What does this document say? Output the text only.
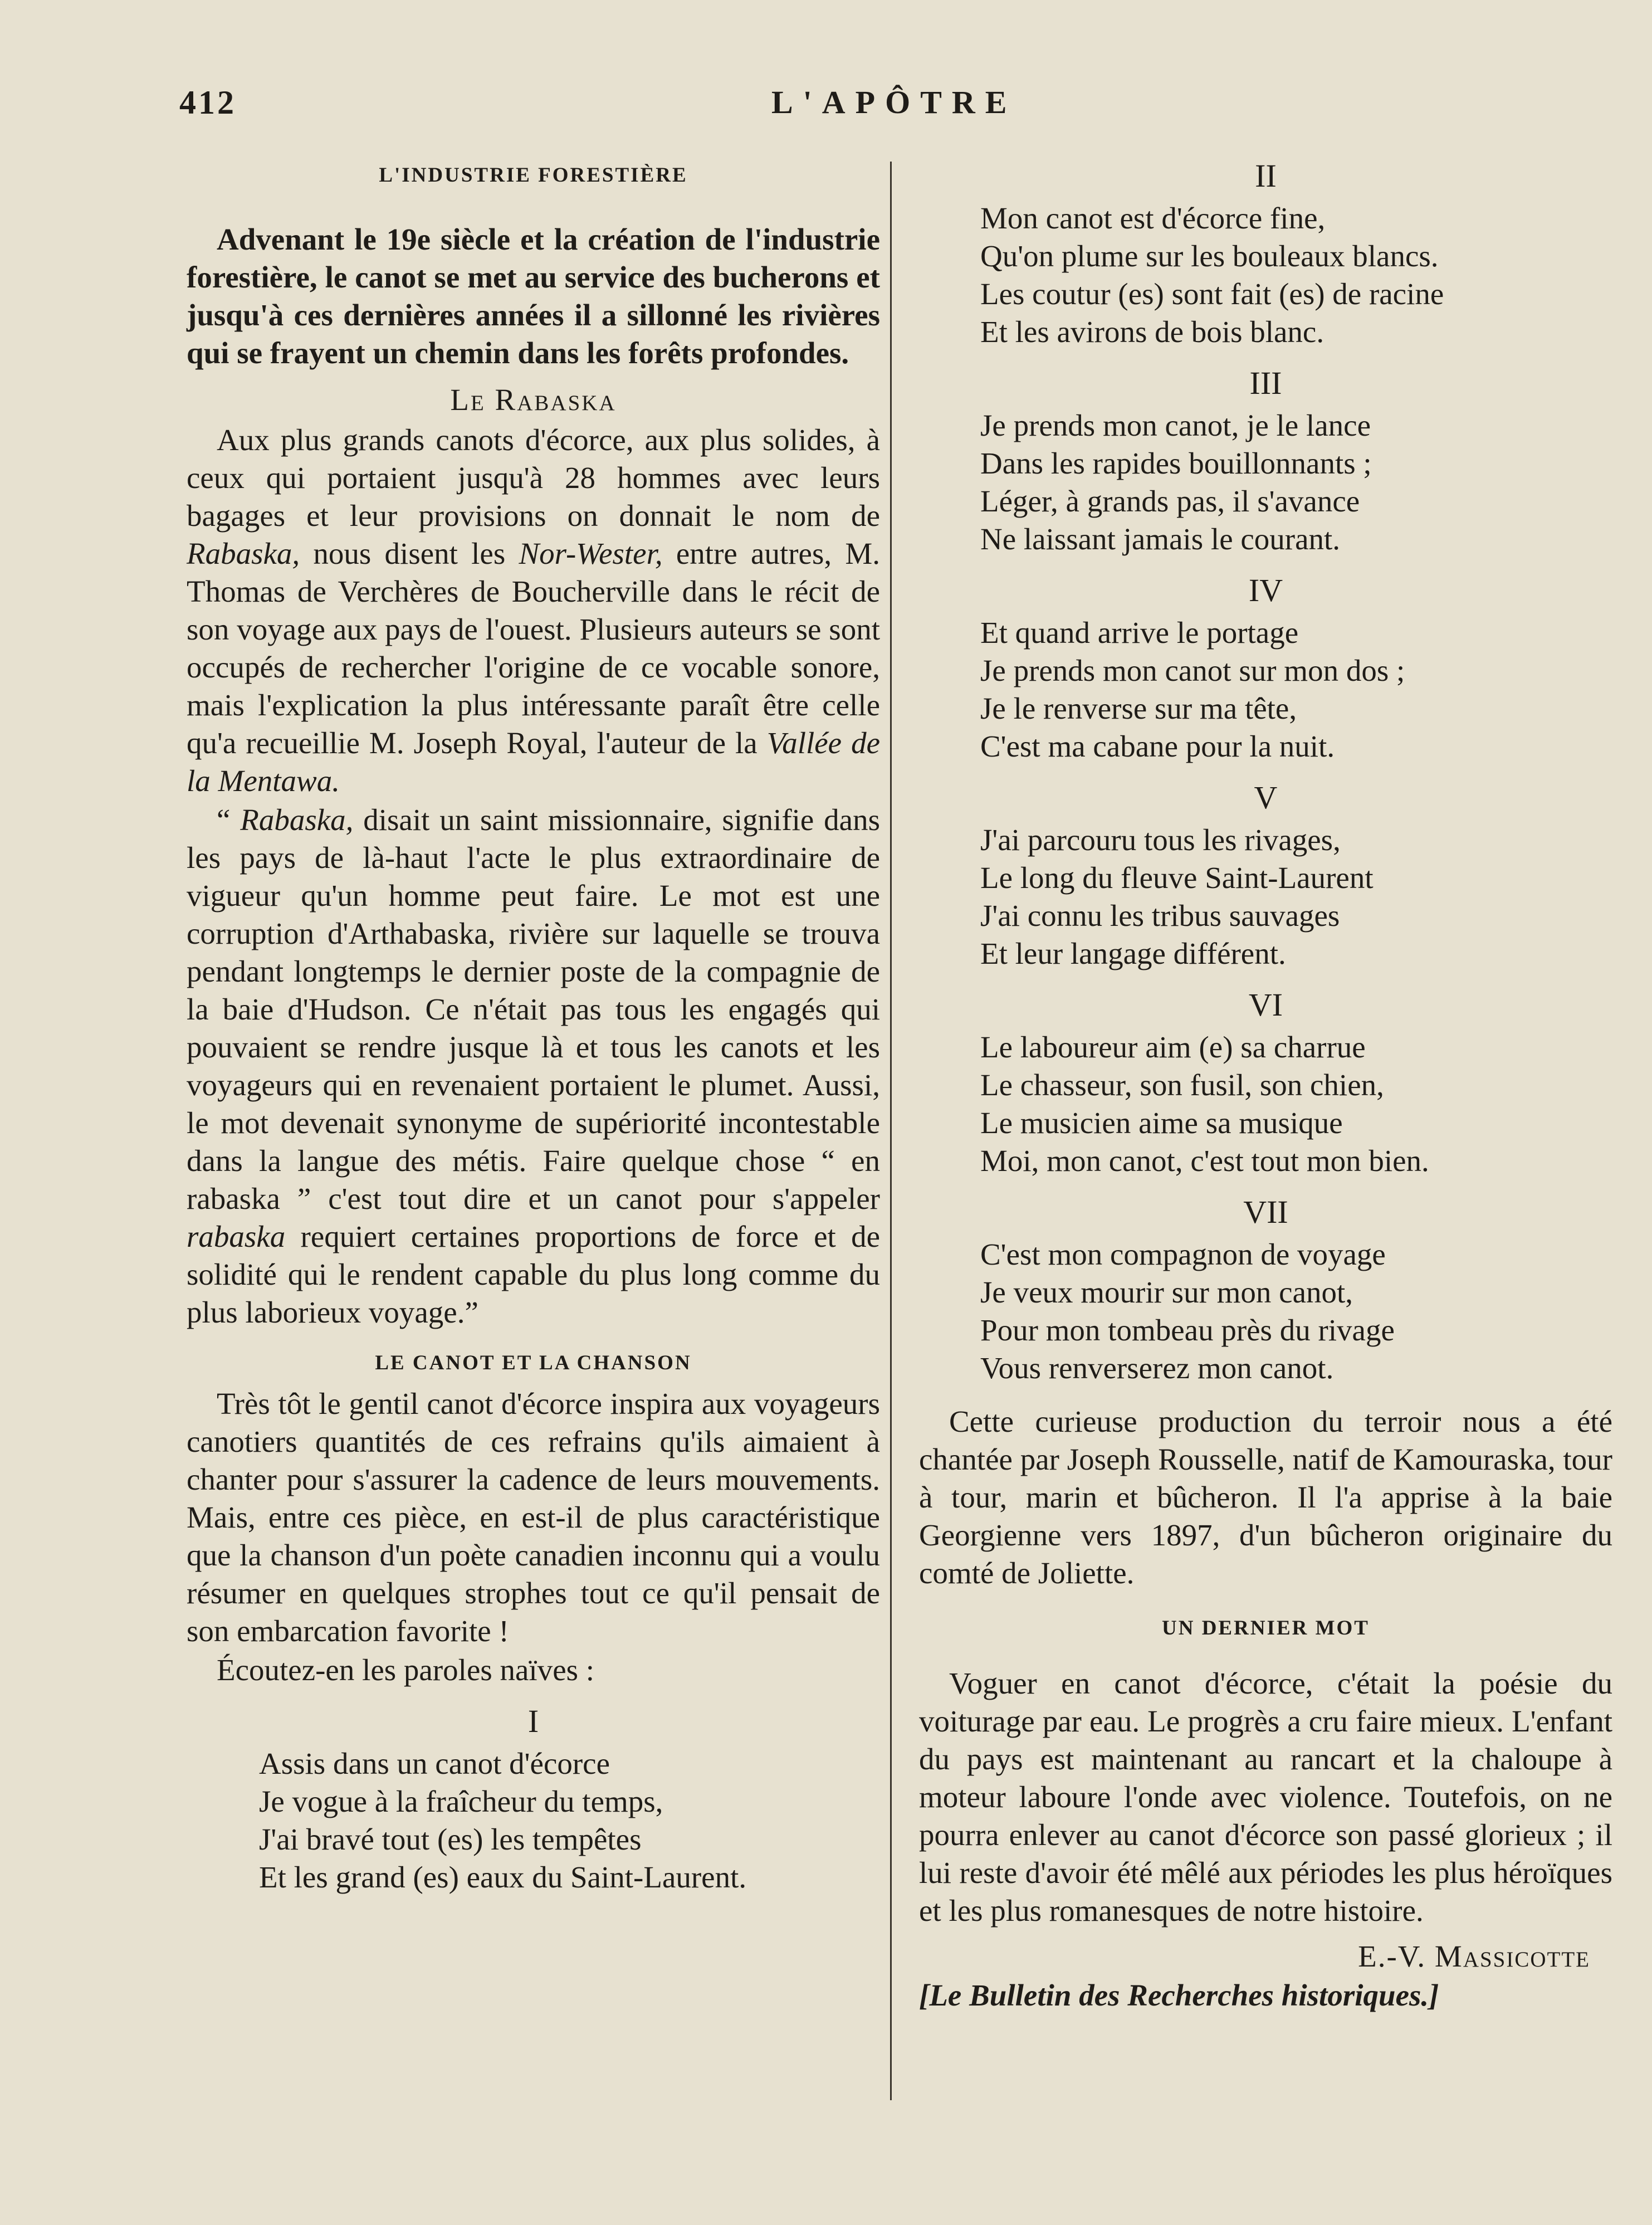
412	L'APÔTRE
L'INDUSTRIE FORESTIÈRE

Advenant le 19e siècle et la création de l'industrie forestière, le canot se met au service des bucherons et jusqu'à ces dernières années il a sillonné les rivières qui se frayent un chemin dans les forêts profondes.

Le Rabaska

Aux plus grands canots d'écorce, aux plus solides, à ceux qui portaient jusqu'à 28 hommes avec leurs bagages et leur provisions on donnait le nom de Rabaska, nous disent les Nor-Wester, entre autres, M. Thomas de Verchères de Boucherville dans le récit de son voyage aux pays de l'ouest. Plusieurs auteurs se sont occupés de rechercher l'origine de ce vocable sonore, mais l'explication la plus intéressante paraît être celle qu'a recueillie M. Joseph Royal, l'auteur de la Vallée de la Mentawa.

“ Rabaska, disait un saint missionnaire, signifie dans les pays de là-haut l'acte le plus extraordinaire de vigueur qu'un homme peut faire. Le mot est une corruption d'Arthabaska, rivière sur laquelle se trouva pendant longtemps le dernier poste de la compagnie de la baie d'Hudson. Ce n'était pas tous les engagés qui pouvaient se rendre jusque là et tous les canots et les voyageurs qui en revenaient portaient le plumet. Aussi, le mot devenait synonyme de supériorité incontestable dans la langue des métis. Faire quelque chose “ en rabaska ” c'est tout dire et un canot pour s'appeler rabaska requiert certaines proportions de force et de solidité qui le rendent capable du plus long comme du plus laborieux voyage.”

LE CANOT ET LA CHANSON

Très tôt le gentil canot d'écorce inspira aux voyageurs canotiers quantités de ces refrains qu'ils aimaient à chanter pour s'assurer la cadence de leurs mouvements. Mais, entre ces pièce, en est-il de plus caractéristique que la chanson d'un poète canadien inconnu qui a voulu résumer en quelques strophes tout ce qu'il pensait de son embarcation favorite !

Écoutez-en les paroles naïves :

I
Assis dans un canot d'écorce
Je vogue à la fraîcheur du temps,
J'ai bravé tout (es) les tempêtes
Et les grand (es) eaux du Saint-Laurent.
II
Mon canot est d'écorce fine,
Qu'on plume sur les bouleaux blancs.
Les coutur (es) sont fait (es) de racine
Et les avirons de bois blanc.
III
Je prends mon canot, je le lance
Dans les rapides bouillonnants ;
Léger, à grands pas, il s'avance
Ne laissant jamais le courant.
IV
Et quand arrive le portage
Je prends mon canot sur mon dos ;
Je le renverse sur ma tête,
C'est ma cabane pour la nuit.
V
J'ai parcouru tous les rivages,
Le long du fleuve Saint-Laurent
J'ai connu les tribus sauvages
Et leur langage différent.
VI
Le laboureur aim (e) sa charrue
Le chasseur, son fusil, son chien,
Le musicien aime sa musique
Moi, mon canot, c'est tout mon bien.
VII
C'est mon compagnon de voyage
Je veux mourir sur mon canot,
Pour mon tombeau près du rivage
Vous renverserez mon canot.

Cette curieuse production du terroir nous a été chantée par Joseph Rousselle, natif de Kamouraska, tour à tour, marin et bûcheron. Il l'a apprise à la baie Georgienne vers 1897, d'un bûcheron originaire du comté de Joliette.

UN DERNIER MOT

Voguer en canot d'écorce, c'était la poésie du voiturage par eau. Le progrès a cru faire mieux. L'enfant du pays est maintenant au rancart et la chaloupe à moteur laboure l'onde avec violence. Toutefois, on ne pourra enlever au canot d'écorce son passé glorieux ; il lui reste d'avoir été mêlé aux périodes les plus héroïques et les plus romanesques de notre histoire.

E.-V. Massicotte
[Le Bulletin des Recherches historiques.]
